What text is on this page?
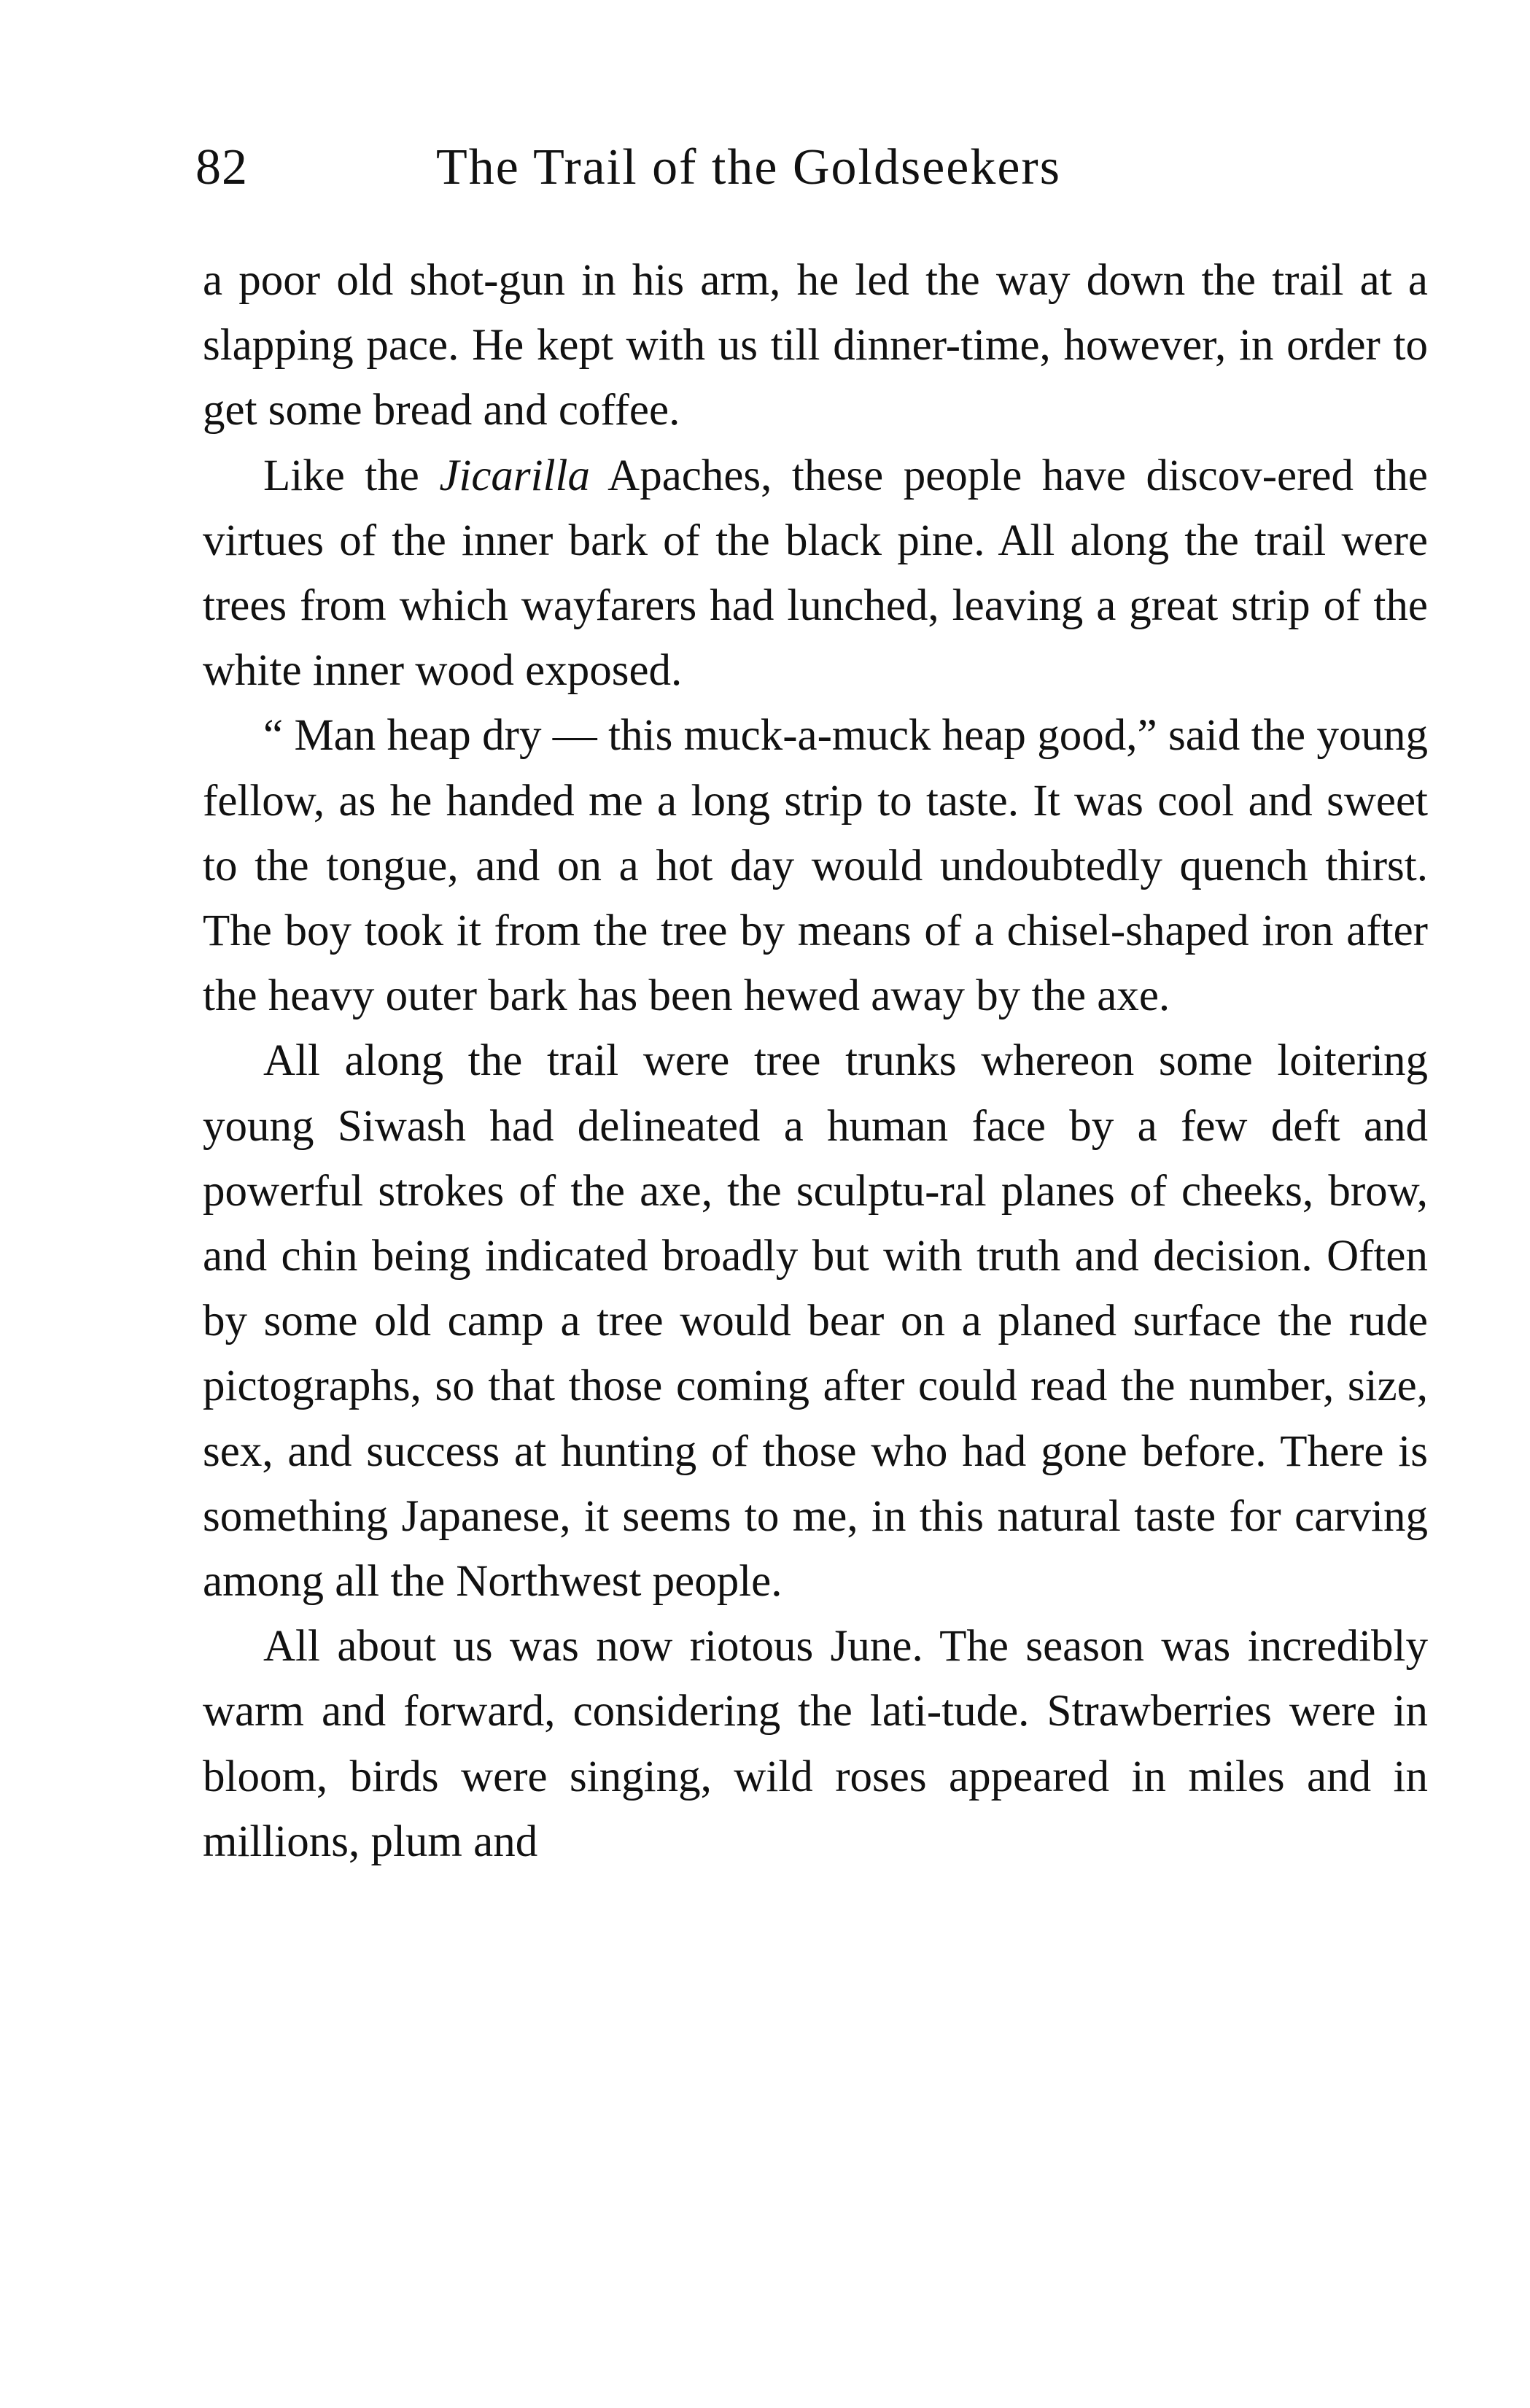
82	The Trail of the Goldseekers

a poor old shot-gun in his arm, he led the way down the trail at a slapping pace. He kept with us till dinner-time, however, in order to get some bread and coffee.

Like the Jicarilla Apaches, these people have discov-ered the virtues of the inner bark of the black pine. All along the trail were trees from which wayfarers had lunched, leaving a great strip of the white inner wood exposed.

“ Man heap dry — this muck-a-muck heap good,” said the young fellow, as he handed me a long strip to taste. It was cool and sweet to the tongue, and on a hot day would undoubtedly quench thirst. The boy took it from the tree by means of a chisel-shaped iron after the heavy outer bark has been hewed away by the axe.

All along the trail were tree trunks whereon some loitering young Siwash had delineated a human face by a few deft and powerful strokes of the axe, the sculptu-ral planes of cheeks, brow, and chin being indicated broadly but with truth and decision. Often by some old camp a tree would bear on a planed surface the rude pictographs, so that those coming after could read the number, size, sex, and success at hunting of those who had gone before. There is something Japanese, it seems to me, in this natural taste for carving among all the Northwest people.

All about us was now riotous June. The season was incredibly warm and forward, considering the lati-tude. Strawberries were in bloom, birds were singing, wild roses appeared in miles and in millions, plum and
